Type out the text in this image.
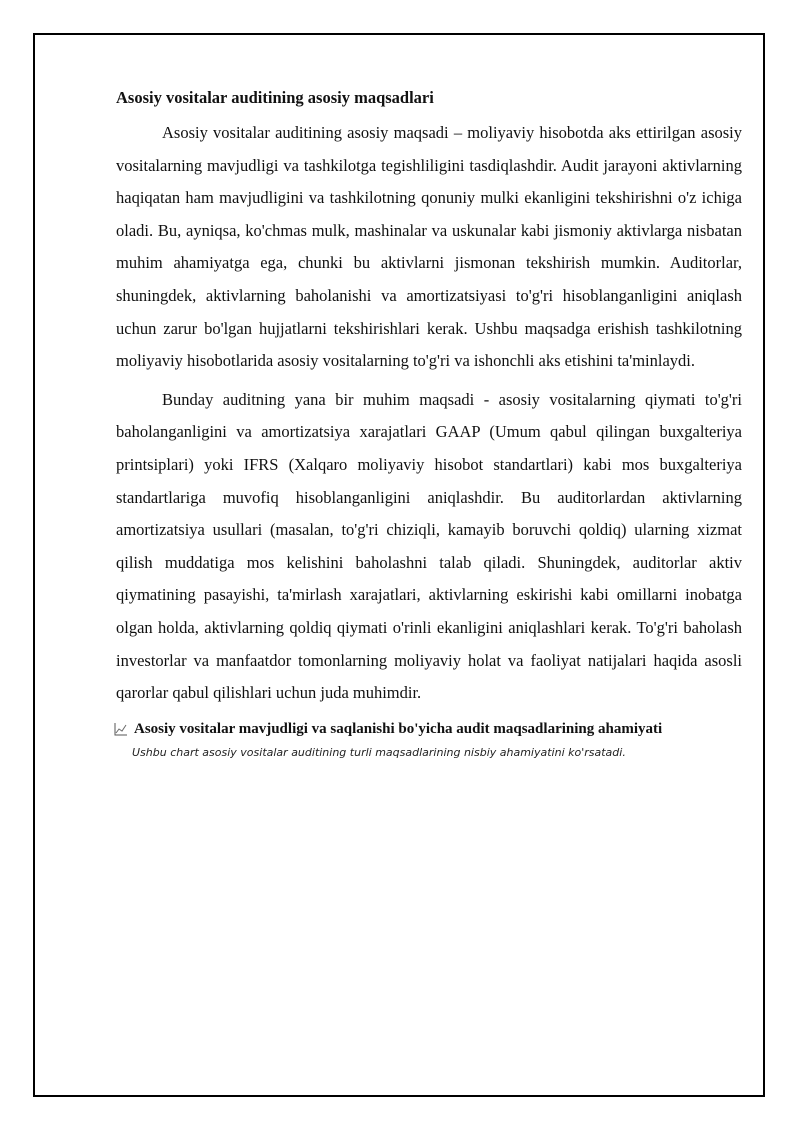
Asosiy vositalar auditining asosiy maqsadlari

Asosiy vositalar auditining asosiy maqsadi – moliyaviy hisobotda aks ettirilgan asosiy vositalarning mavjudligi va tashkilotga tegishliligini tasdiqlashdir. Audit jarayoni aktivlarning haqiqatan ham mavjudligini va tashkilotning qonuniy mulki ekanligini tekshirishni o'z ichiga oladi. Bu, ayniqsa, ko'chmas mulk, mashinalar va uskunalar kabi jismoniy aktivlarga nisbatan muhim ahamiyatga ega, chunki bu aktivlarni jismonan tekshirish mumkin. Auditorlar, shuningdek, aktivlarning baholanishi va amortizatsiyasi to'g'ri hisoblanganligini aniqlash uchun zarur bo'lgan hujjatlarni tekshirishlari kerak. Ushbu maqsadga erishish tashkilotning moliyaviy hisobotlarida asosiy vositalarning to'g'ri va ishonchli aks etishini ta'minlaydi.

Bunday auditning yana bir muhim maqsadi - asosiy vositalarning qiymati to'g'ri baholanganligini va amortizatsiya xarajatlari GAAP (Umum qabul qilingan buxgalteriya printsiplari) yoki IFRS (Xalqaro moliyaviy hisobot standartlari) kabi mos buxgalteriya standartlariga muvofiq hisoblanganligini aniqlashdir. Bu auditorlardan aktivlarning amortizatsiya usullari (masalan, to'g'ri chiziqli, kamayib boruvchi qoldiq) ularning xizmat qilish muddatiga mos kelishini baholashni talab qiladi. Shuningdek, auditorlar aktiv qiymatining pasayishi, ta'mirlash xarajatlari, aktivlarning eskirishi kabi omillarni inobatga olgan holda, aktivlarning qoldiq qiymati o'rinli ekanligini aniqlashlari kerak. To'g'ri baholash investorlar va manfaatdor tomonlarning moliyaviy holat va faoliyat natijalari haqida asosli qarorlar qabul qilishlari uchun juda muhimdir.

Asosiy vositalar mavjudligi va saqlanishi bo'yicha audit maqsadlarining ahamiyati
Ushbu chart asosiy vositalar auditining turli maqsadlarining nisbiy ahamiyatini ko'rsatadi.
